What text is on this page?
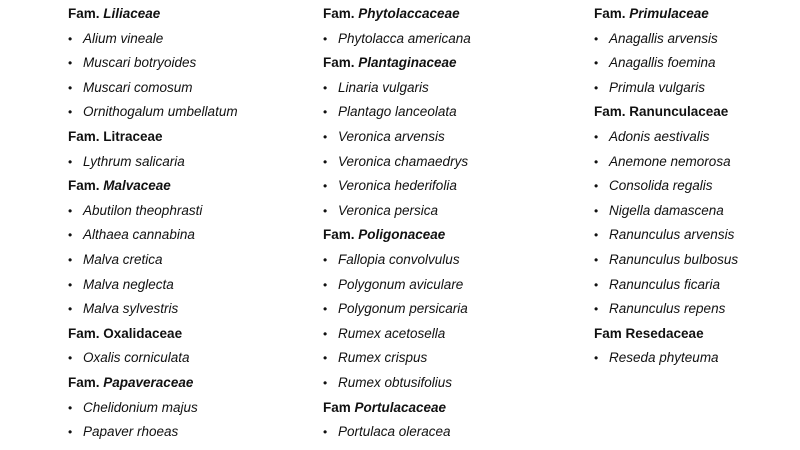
Fam. Liliaceae
• Alium vineale
• Muscari botryoides
• Muscari comosum
• Ornithogalum umbellatum
Fam. Litraceae
• Lythrum salicaria
Fam. Malvaceae
• Abutilon theophrasti
• Althaea cannabina
• Malva cretica
• Malva neglecta
• Malva sylvestris
Fam. Oxalidaceae
• Oxalis corniculata
Fam. Papaveraceae
• Chelidonium majus
• Papaver rhoeas
Fam. Phytolaccaceae
• Phytolacca americana
Fam. Plantaginaceae
• Linaria vulgaris
• Plantago lanceolata
• Veronica arvensis
• Veronica chamaedrys
• Veronica hederifolia
• Veronica persica
Fam. Poligonaceae
• Fallopia convolvulus
• Polygonum aviculare
• Polygonum persicaria
• Rumex acetosella
• Rumex crispus
• Rumex obtusifolius
Fam Portulacaceae
• Portulaca oleracea
Fam. Primulaceae
• Anagallis arvensis
• Anagallis foemina
• Primula vulgaris
Fam. Ranunculaceae
• Adonis aestivalis
• Anemone nemorosa
• Consolida regalis
• Nigella damascena
• Ranunculus arvensis
• Ranunculus bulbosus
• Ranunculus ficaria
• Ranunculus repens
Fam Resedaceae
• Reseda phyteuma
